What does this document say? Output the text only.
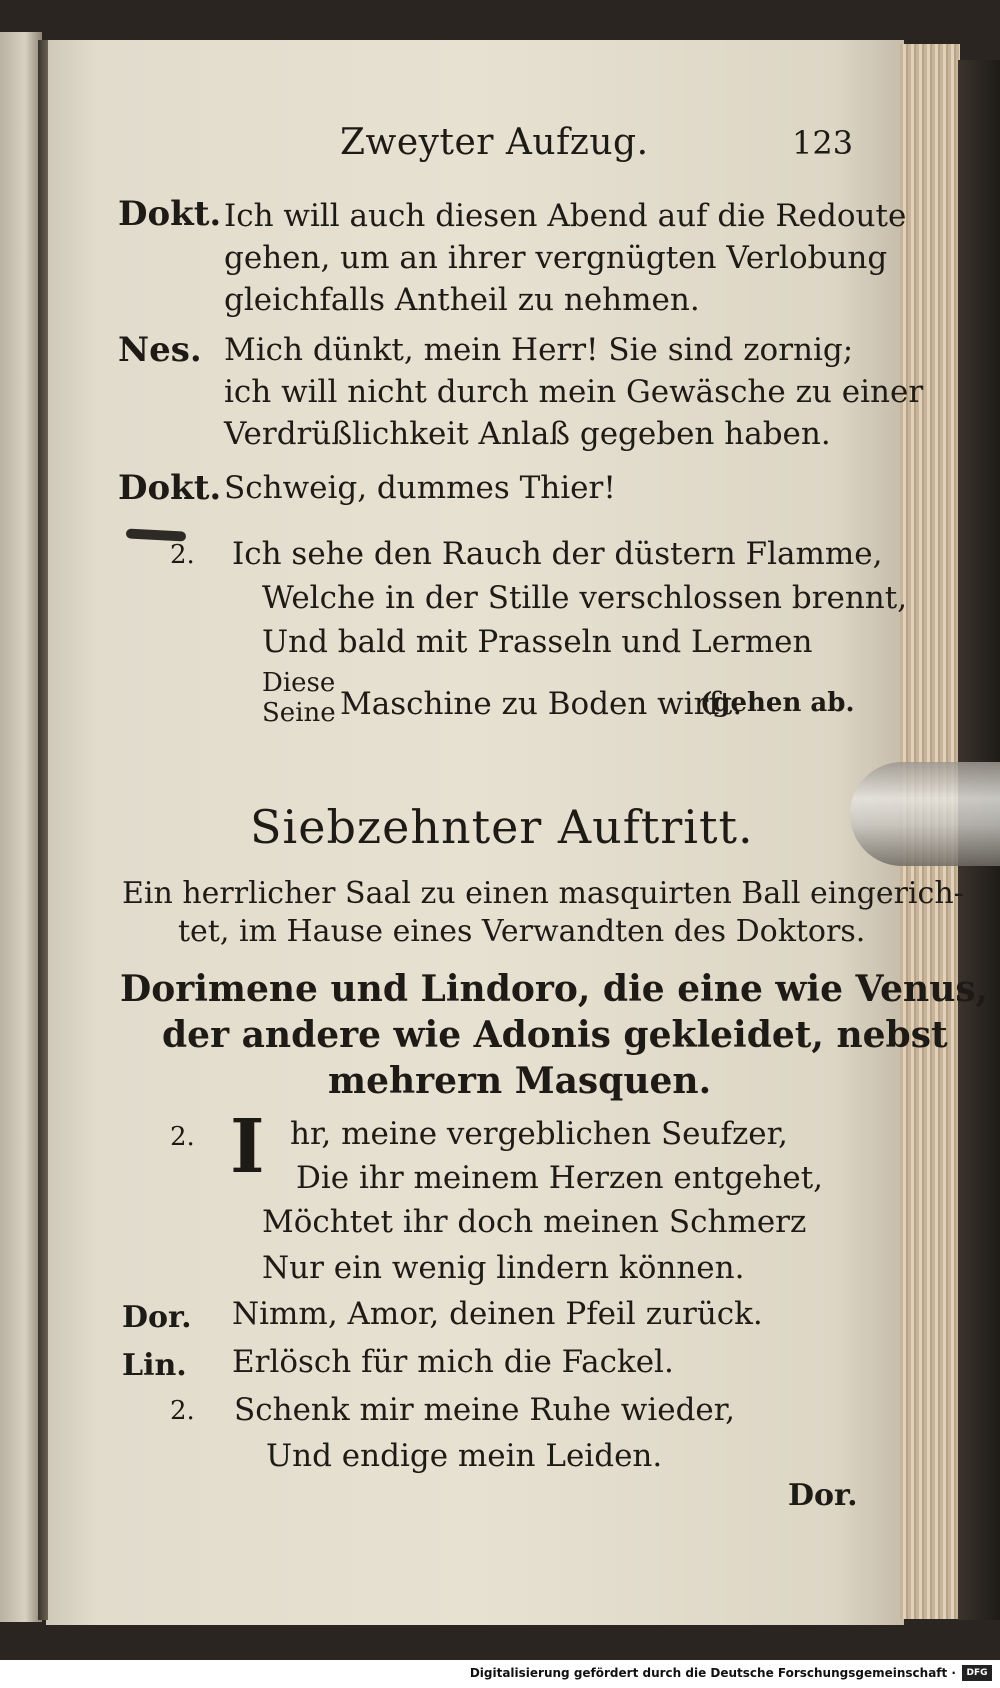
Zweyter Aufzug.	123
Dokt. Ich will auch diesen Abend auf die Redoute
gehen, um an ihrer vergnügten Verlobung
gleichfalls Antheil zu nehmen.
Nes. Mich dünkt, mein Herr! Sie sind zornig;
ich will nicht durch mein Gewäsche zu einer
Verdrüßlichkeit Anlaß gegeben haben.
Dokt. Schweig, dummes Thier!
2. Ich sehe den Rauch der düstern Flamme,
Welche in der Stille verschlossen brennt,
Und bald mit Prasseln und Lermen
Diese
Seine Maschine zu Boden wirft.
(gehen ab.
Siebzehnter Auftritt.
Ein herrlicher Saal zu einen masquirten Ball eingerich-
tet, im Hause eines Verwandten des Doktors.
Dorimene und Lindoro, die eine wie Venus,
der andere wie Adonis gekleidet, nebst
mehrern Masquen.
2. I hr, meine vergeblichen Seufzer,
Die ihr meinem Herzen entgehet,
Möchtet ihr doch meinen Schmerz
Nur ein wenig lindern können.
Dor. Nimm, Amor, deinen Pfeil zurück.
Lin. Erlösch für mich die Fackel.
2. Schenk mir meine Ruhe wieder,
Und endige mein Leiden.
Dor.
Digitalisierung gefördert durch die Deutsche Forschungsgemeinschaft ·	DFG
